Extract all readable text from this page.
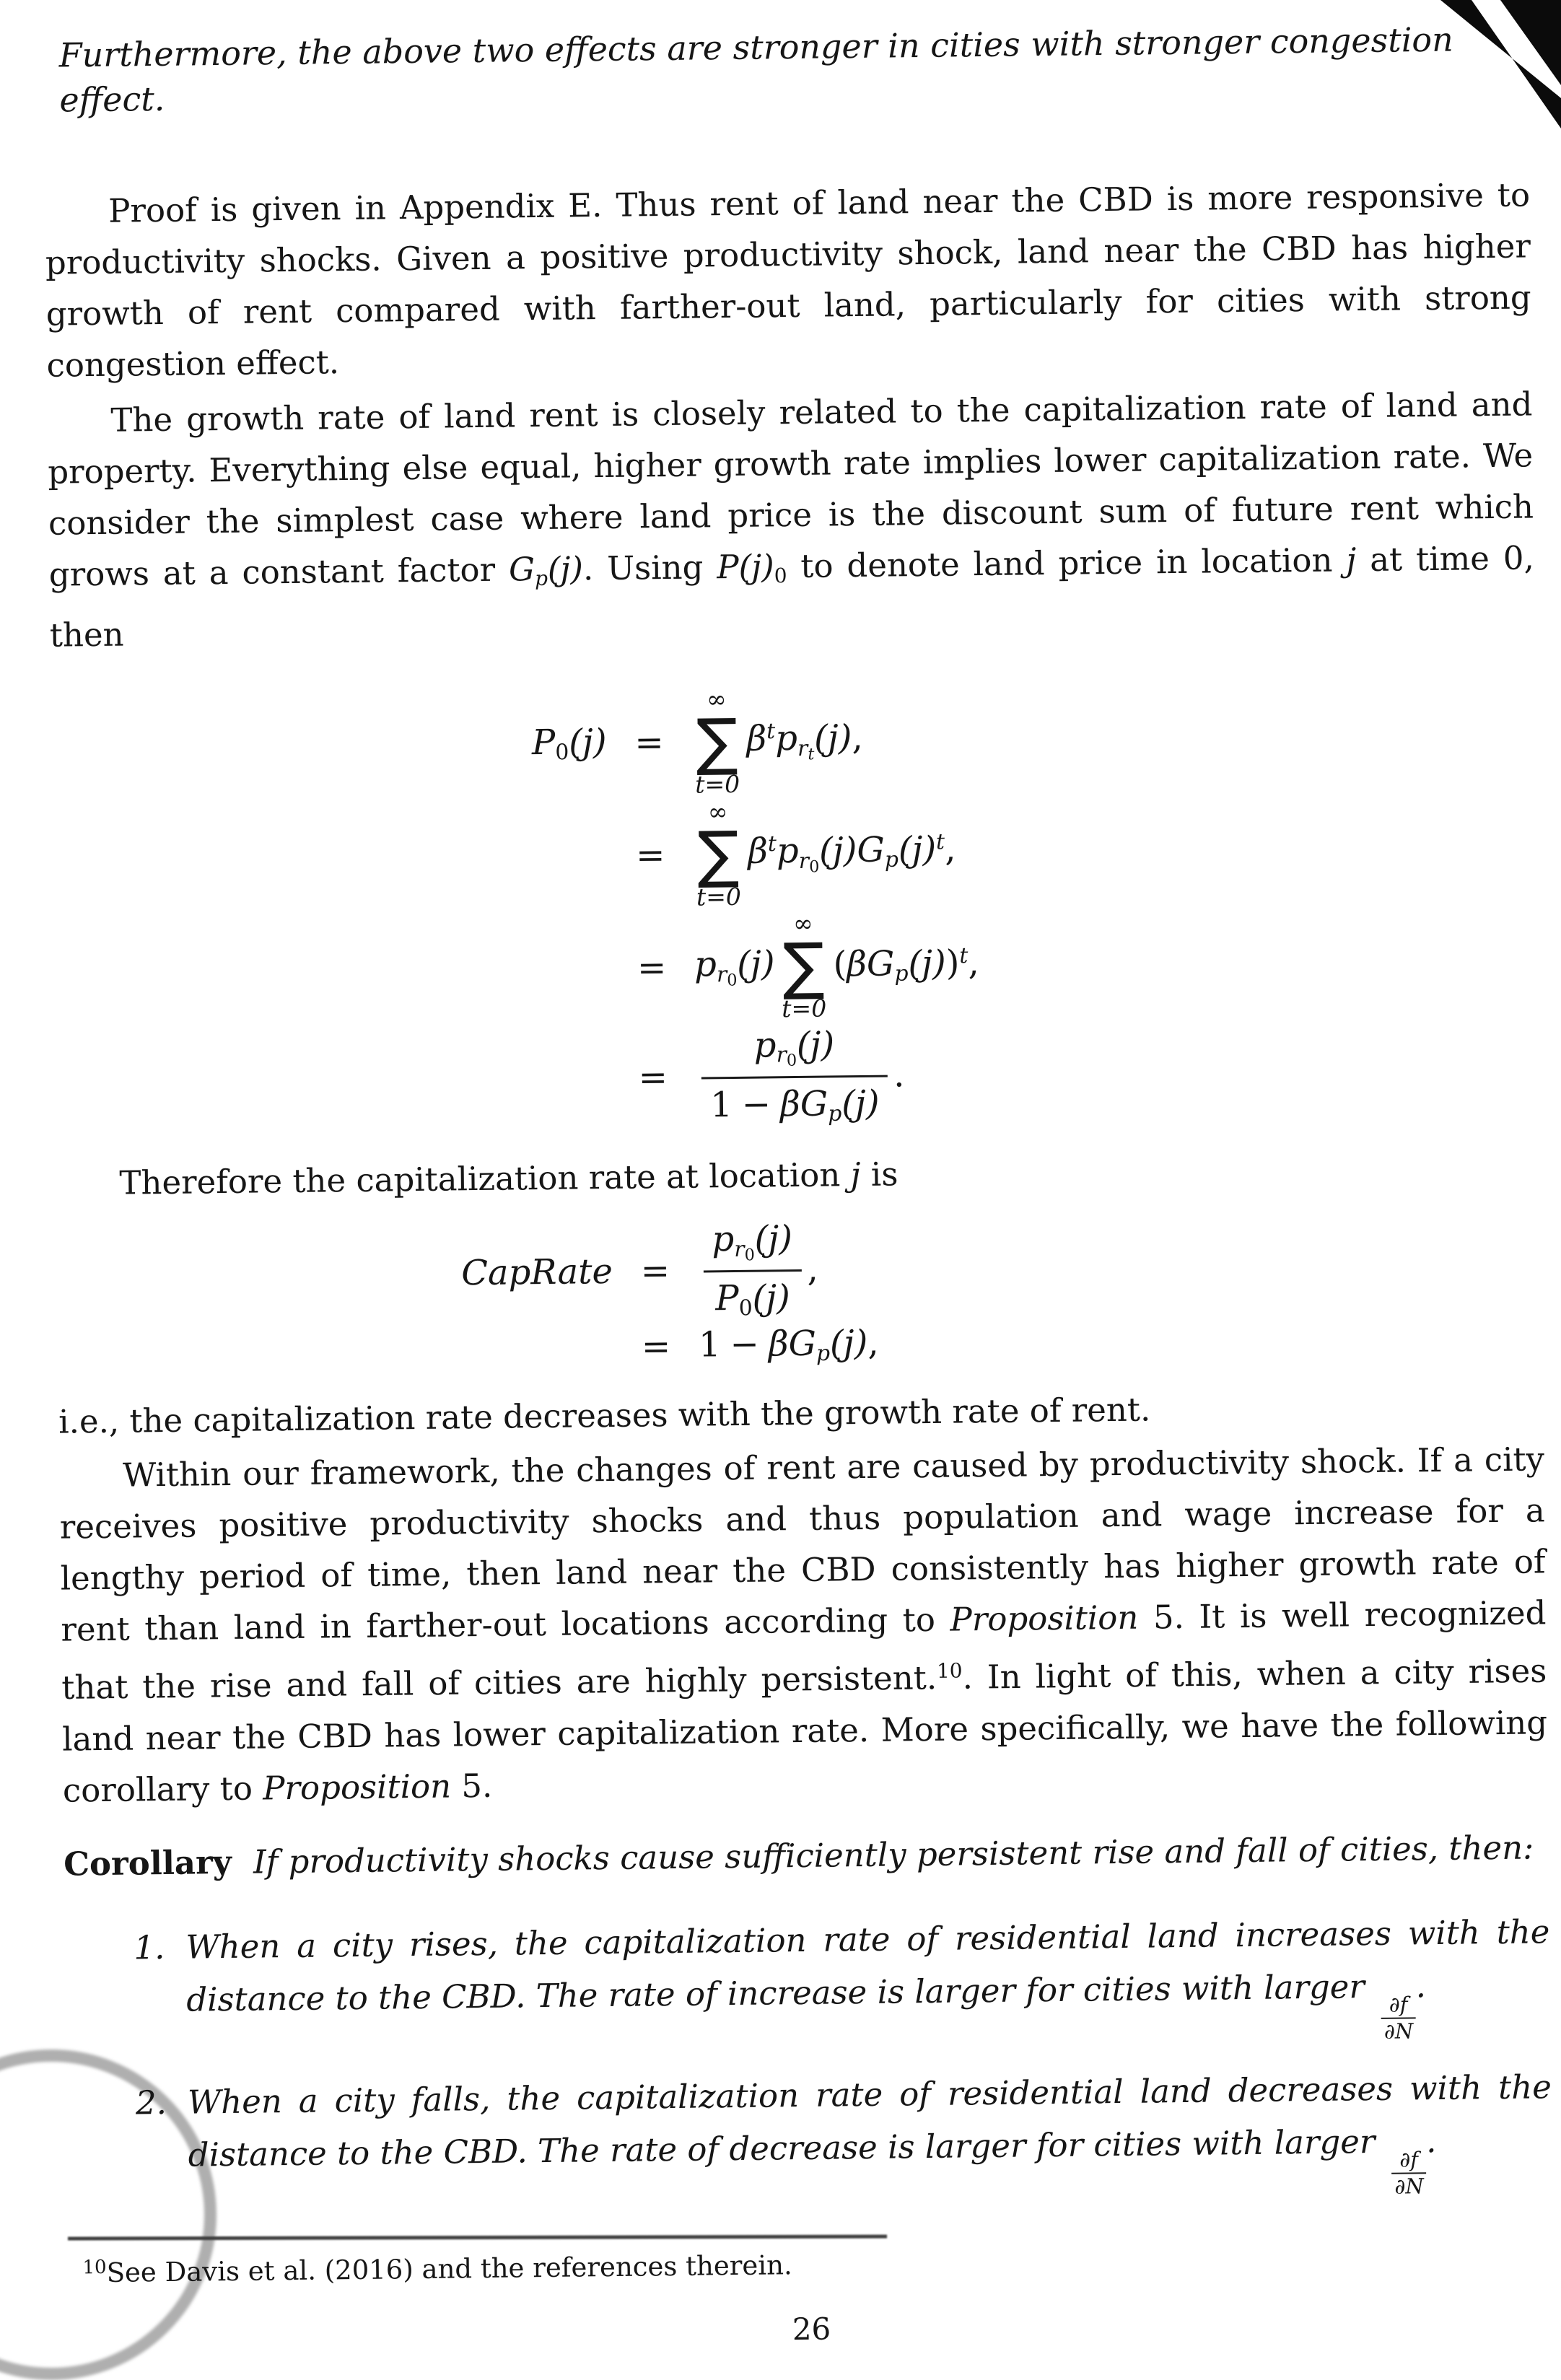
Furthermore, the above two effects are stronger in cities with stronger congestion effect.

Proof is given in Appendix E. Thus rent of land near the CBD is more responsive to productivity shocks. Given a positive productivity shock, land near the CBD has higher growth of rent compared with farther-out land, particularly for cities with strong congestion effect.

The growth rate of land rent is closely related to the capitalization rate of land and property. Everything else equal, higher growth rate implies lower capitalization rate. We consider the simplest case where land price is the discount sum of future rent which grows at a constant factor $G_p(j)$. Using $P(j)_0$ to denote land price in location j at time 0, then

$P_0(j)$ =
∞
∑
t=0
$\beta^tp_{r_t}(j)$,
=
∞
∑
t=0
$\beta^tp_{r_0}(j)G_p(j)^t$,
= $p_{r_0}(j)$
∞
∑
t=0
$(\beta G_p(j))^t$,
= $\frac{p_{r_0}(j)}{1 - \beta G_p(j)}$ .

Therefore the capitalization rate at location j is

CapRate = $\frac{p_{r_0}(j)}{P_0(j)}$ ,
= $1 - \beta G_p(j)$,

i.e., the capitalization rate decreases with the growth rate of rent.

Within our framework, the changes of rent are caused by productivity shock. If a city receives positive productivity shocks and thus population and wage increase for a lengthy period of time, then land near the CBD consistently has higher growth rate of rent than land in farther-out locations according to Proposition 5. It is well recognized that the rise and fall of cities are highly persistent.$^{10}$. In light of this, when a city rises land near the CBD has lower capitalization rate. More specifically, we have the following corollary to Proposition 5.

Corollary If productivity shocks cause sufficiently persistent rise and fall of cities, then:

1. When a city rises, the capitalization rate of residential land increases with the distance to the CBD. The rate of increase is larger for cities with larger $\frac{\partial f}{\partial N}$
.
2. When a city falls, the capitalization rate of residential land decreases with the distance to the CBD. The rate of decrease is larger for cities with larger $\frac{\partial f}{\partial N}$
.
$^{10}$See Davis et al. (2016) and the references therein.
26
